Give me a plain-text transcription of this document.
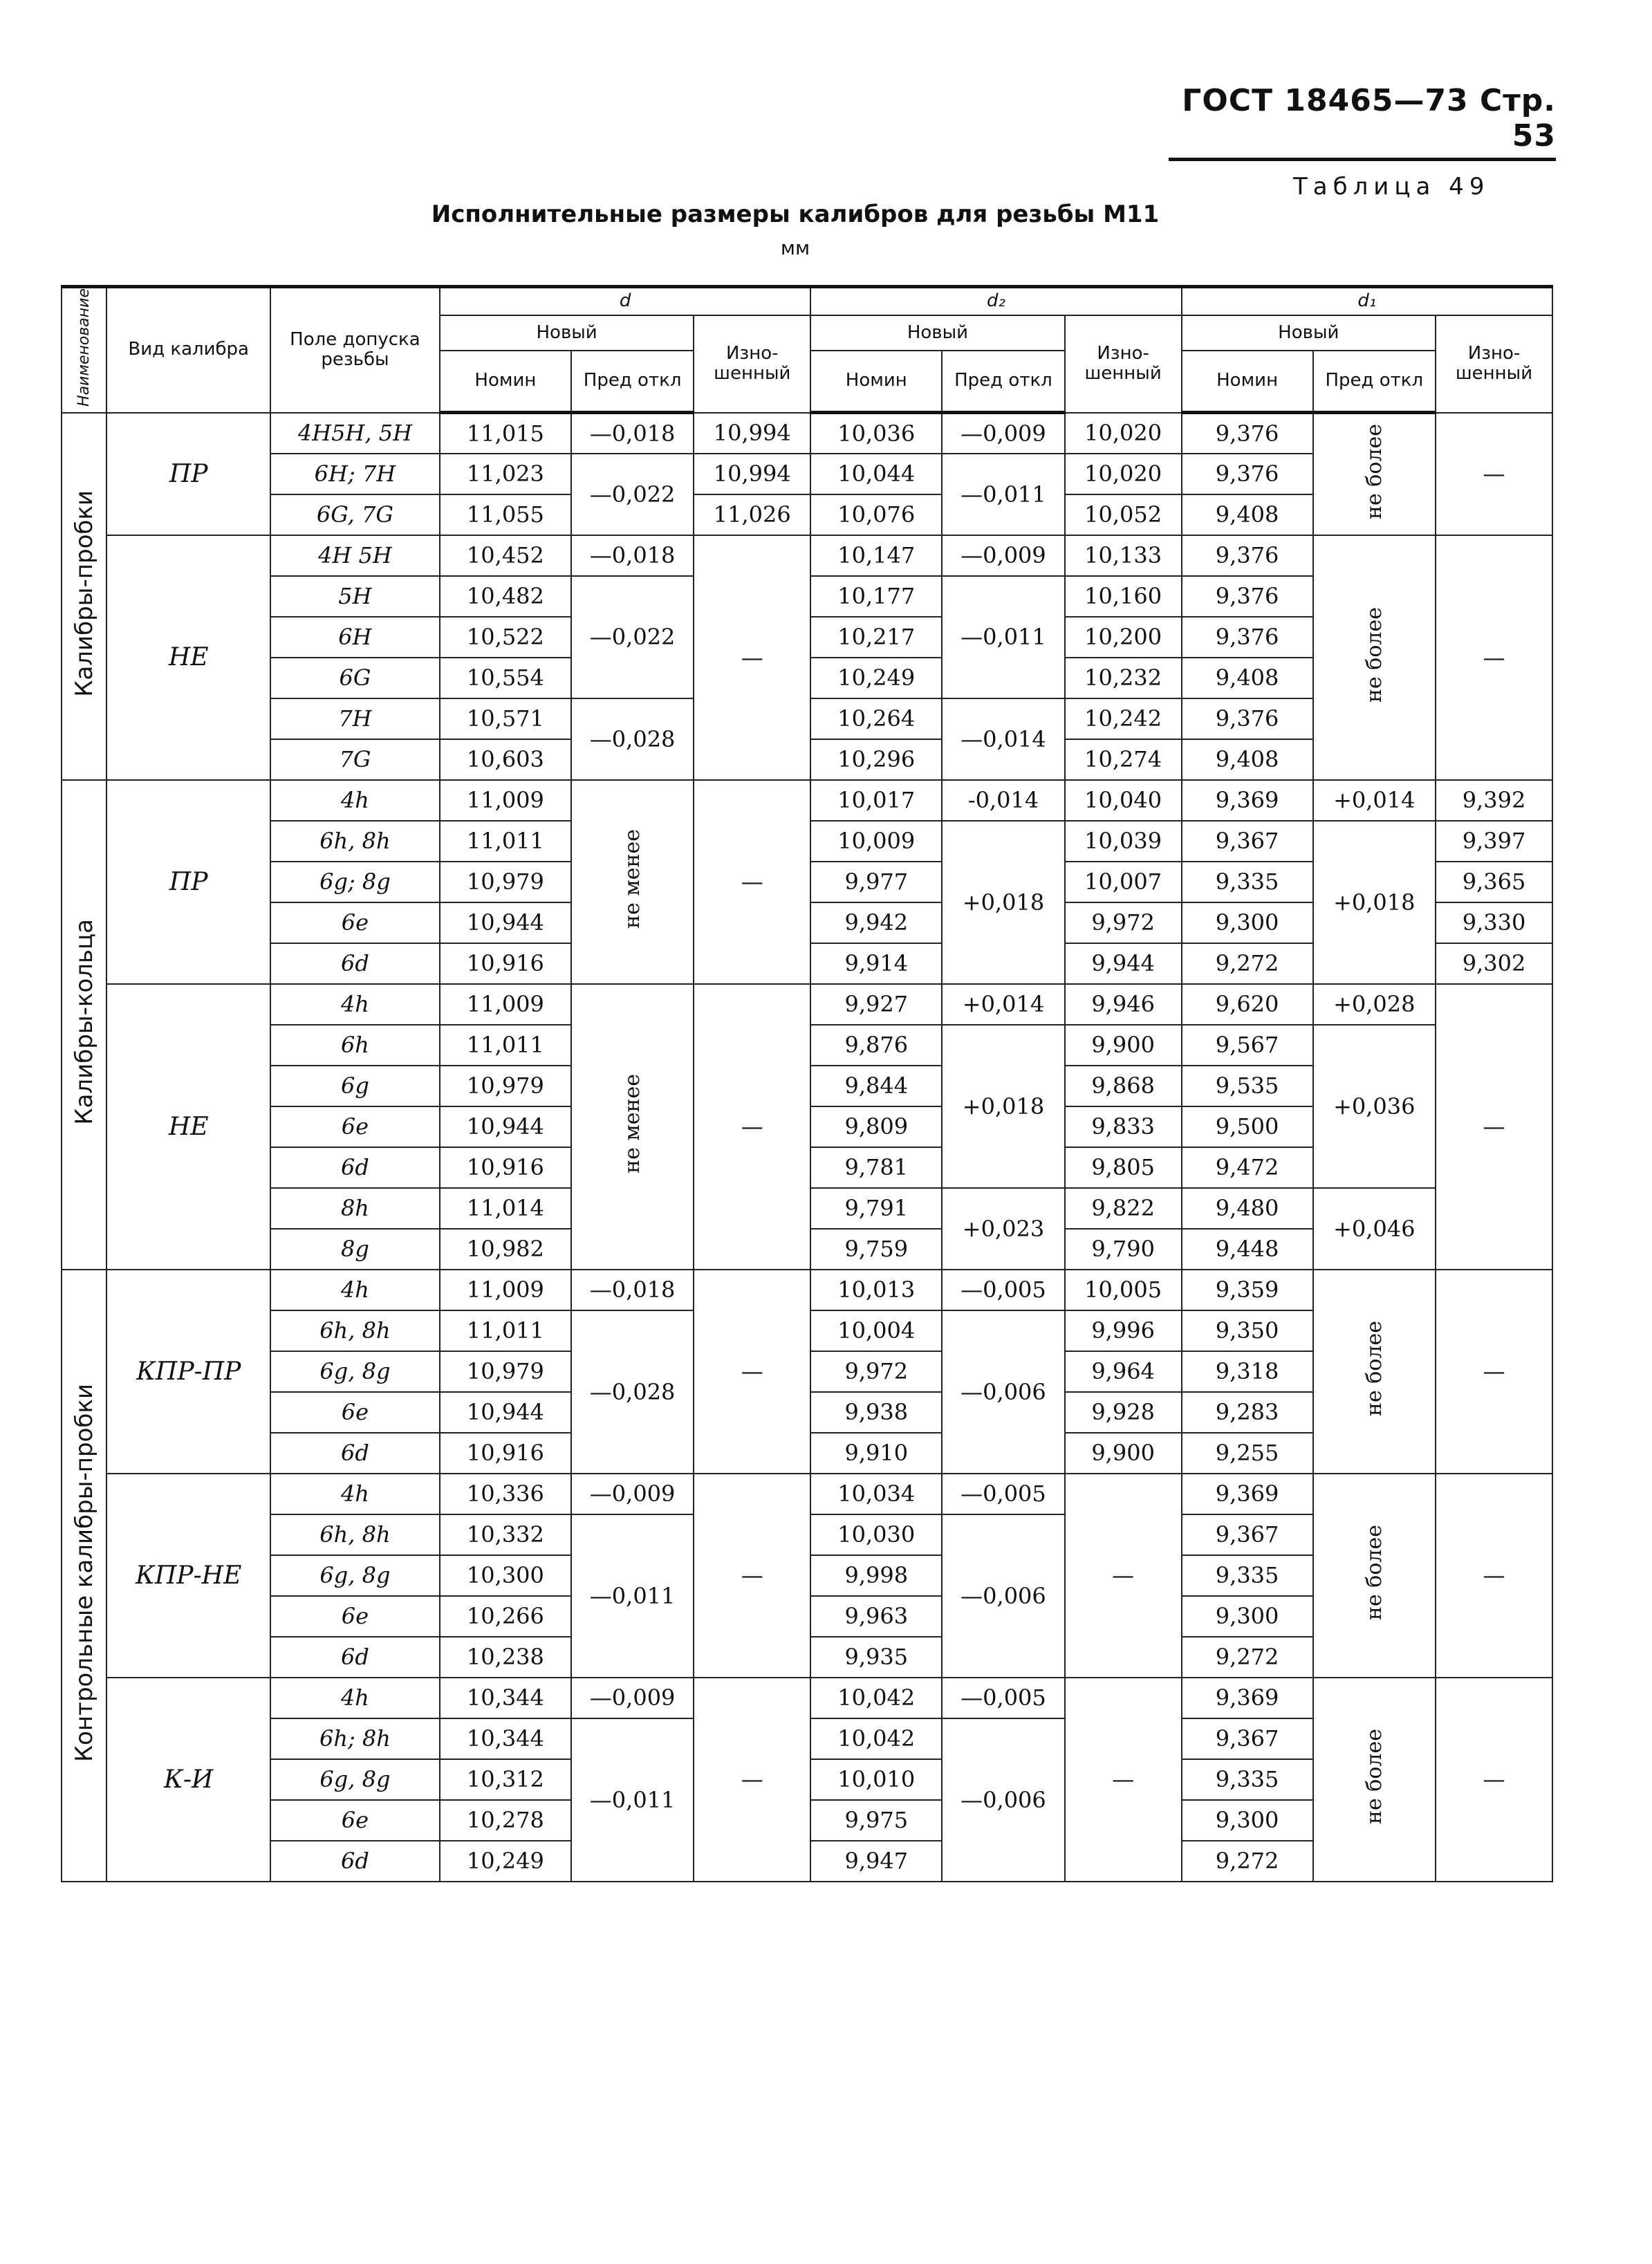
ГОСТ 18465—73 Стр. 53
Таблица 49
Исполнительные размеры калибров для резьбы М11
мм
Наименование	Вид калибра	Поле допуска резьбы	d			d₂			d₁		
			Новый		Изно-шенный	Новый		Изно-шенный	Новый		Изно-шенный
			Номин	Пред откл		Номин	Пред откл		Номин	Пред откл	
Калибры-пробки	ПР	4H5H, 5H	11,015	—0,018	10,994	10,036	—0,009	10,020	9,376	не более	—
		6H; 7H	11,023	—0,022	10,994	10,044	—0,011	10,020	9,376		
		6G, 7G	11,055		11,026	10,076		10,052	9,408		
	НЕ	4H 5H	10,452	—0,018	—	10,147	—0,009	10,133	9,376	не более	—
		5H	10,482	—0,022		10,177	—0,011	10,160	9,376		
		6H	10,522			10,217		10,200	9,376		
		6G	10,554			10,249		10,232	9,408		
		7H	10,571	—0,028		10,264	—0,014	10,242	9,376		
		7G	10,603			10,296		10,274	9,408		
Калибры-кольца	ПР	4h	11,009	не менее	—	10,017	-0,014	10,040	9,369	+0,014	9,392
		6h, 8h	11,011			10,009	+0,018	10,039	9,367	+0,018	9,397
		6g; 8g	10,979			9,977		10,007	9,335		9,365
		6e	10,944			9,942		9,972	9,300		9,330
		6d	10,916			9,914		9,944	9,272		9,302
	НЕ	4h	11,009	не менее	—	9,927	+0,014	9,946	9,620	+0,028	—
		6h	11,011			9,876	+0,018	9,900	9,567	+0,036	
		6g	10,979			9,844		9,868	9,535		
		6e	10,944			9,809		9,833	9,500		
		6d	10,916			9,781		9,805	9,472		
		8h	11,014			9,791	+0,023	9,822	9,480	+0,046	
		8g	10,982			9,759		9,790	9,448		
Контрольные калибры-пробки	КПР-ПР	4h	11,009	—0,018	—	10,013	—0,005	10,005	9,359	не более	—
		6h, 8h	11,011	—0,028		10,004	—0,006	9,996	9,350		
		6g, 8g	10,979			9,972		9,964	9,318		
		6e	10,944			9,938		9,928	9,283		
		6d	10,916			9,910		9,900	9,255		
	КПР-НЕ	4h	10,336	—0,009	—	10,034	—0,005	—	9,369	не более	—
		6h, 8h	10,332	—0,011		10,030	—0,006		9,367		
		6g, 8g	10,300			9,998			9,335		
		6e	10,266			9,963			9,300		
		6d	10,238			9,935			9,272		
	К-И	4h	10,344	—0,009	—	10,042	—0,005	—	9,369	не более	—
		6h; 8h	10,344	—0,011		10,042	—0,006		9,367		
		6g, 8g	10,312			10,010			9,335		
		6e	10,278			9,975			9,300		
		6d	10,249			9,947			9,272		
